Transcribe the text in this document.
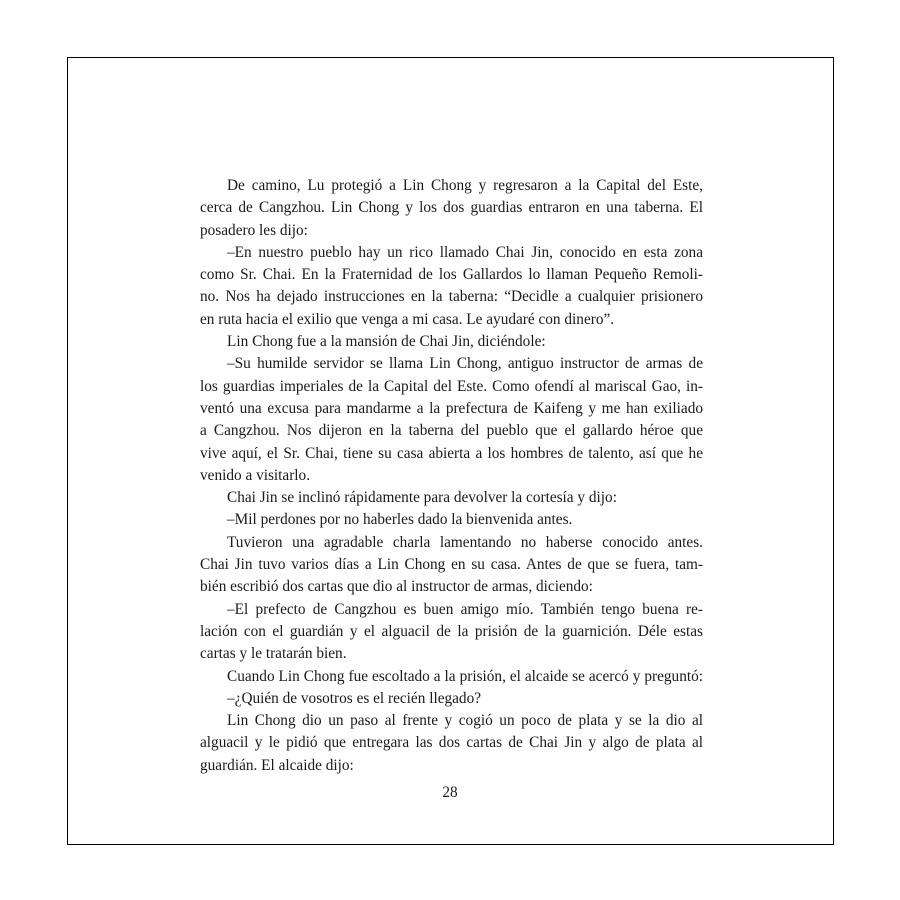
De camino, Lu protegió a Lin Chong y regresaron a la Capital del Este,
cerca de Cangzhou. Lin Chong y los dos guardias entraron en una taberna. El
posadero les dijo:
–En nuestro pueblo hay un rico llamado Chai Jin, conocido en esta zona
como Sr. Chai. En la Fraternidad de los Gallardos lo llaman Pequeño Remoli-
no. Nos ha dejado instrucciones en la taberna: “Decidle a cualquier prisionero
en ruta hacia el exilio que venga a mi casa. Le ayudaré con dinero”.
Lin Chong fue a la mansión de Chai Jin, diciéndole:
–Su humilde servidor se llama Lin Chong, antiguo instructor de armas de
los guardias imperiales de la Capital del Este. Como ofendí al mariscal Gao, in-
ventó una excusa para mandarme a la prefectura de Kaifeng y me han exiliado
a Cangzhou. Nos dijeron en la taberna del pueblo que el gallardo héroe que
vive aquí, el Sr. Chai, tiene su casa abierta a los hombres de talento, así que he
venido a visitarlo.
Chai Jin se inclinó rápidamente para devolver la cortesía y dijo:
–Mil perdones por no haberles dado la bienvenida antes.
Tuvieron una agradable charla lamentando no haberse conocido antes.
Chai Jin tuvo varios días a Lin Chong en su casa. Antes de que se fuera, tam-
bién escribió dos cartas que dio al instructor de armas, diciendo:
–El prefecto de Cangzhou es buen amigo mío. También tengo buena re-
lación con el guardián y el alguacil de la prisión de la guarnición. Déle estas
cartas y le tratarán bien.
Cuando Lin Chong fue escoltado a la prisión, el alcaide se acercó y preguntó:
–¿Quién de vosotros es el recién llegado?
Lin Chong dio un paso al frente y cogió un poco de plata y se la dio al
alguacil y le pidió que entregara las dos cartas de Chai Jin y algo de plata al
guardián. El alcaide dijo:
28
